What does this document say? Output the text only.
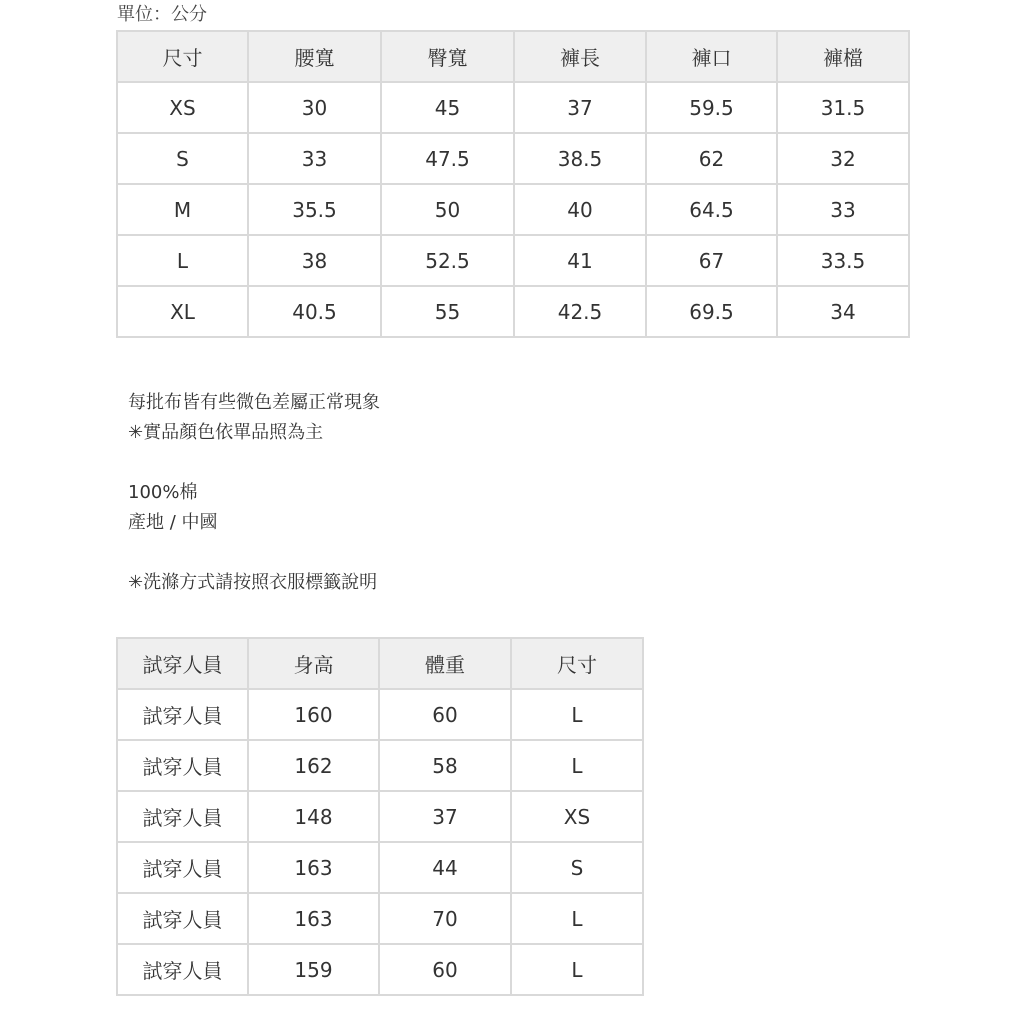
單位：公分
尺寸	腰寬	臀寬	褲長	褲口	褲檔
XS	30	45	37	59.5	31.5
S	33	47.5	38.5	62	32
M	35.5	50	40	64.5	33
L	38	52.5	41	67	33.5
XL	40.5	55	42.5	69.5	34
每批布皆有些微色差屬正常現象
✳︎實品顏色依單品照為主
100%棉
產地 / 中國
✳︎洗滌方式請按照衣服標籤說明
試穿人員	身高	體重	尺寸
試穿人員	160	60	L
試穿人員	162	58	L
試穿人員	148	37	XS
試穿人員	163	44	S
試穿人員	163	70	L
試穿人員	159	60	L
